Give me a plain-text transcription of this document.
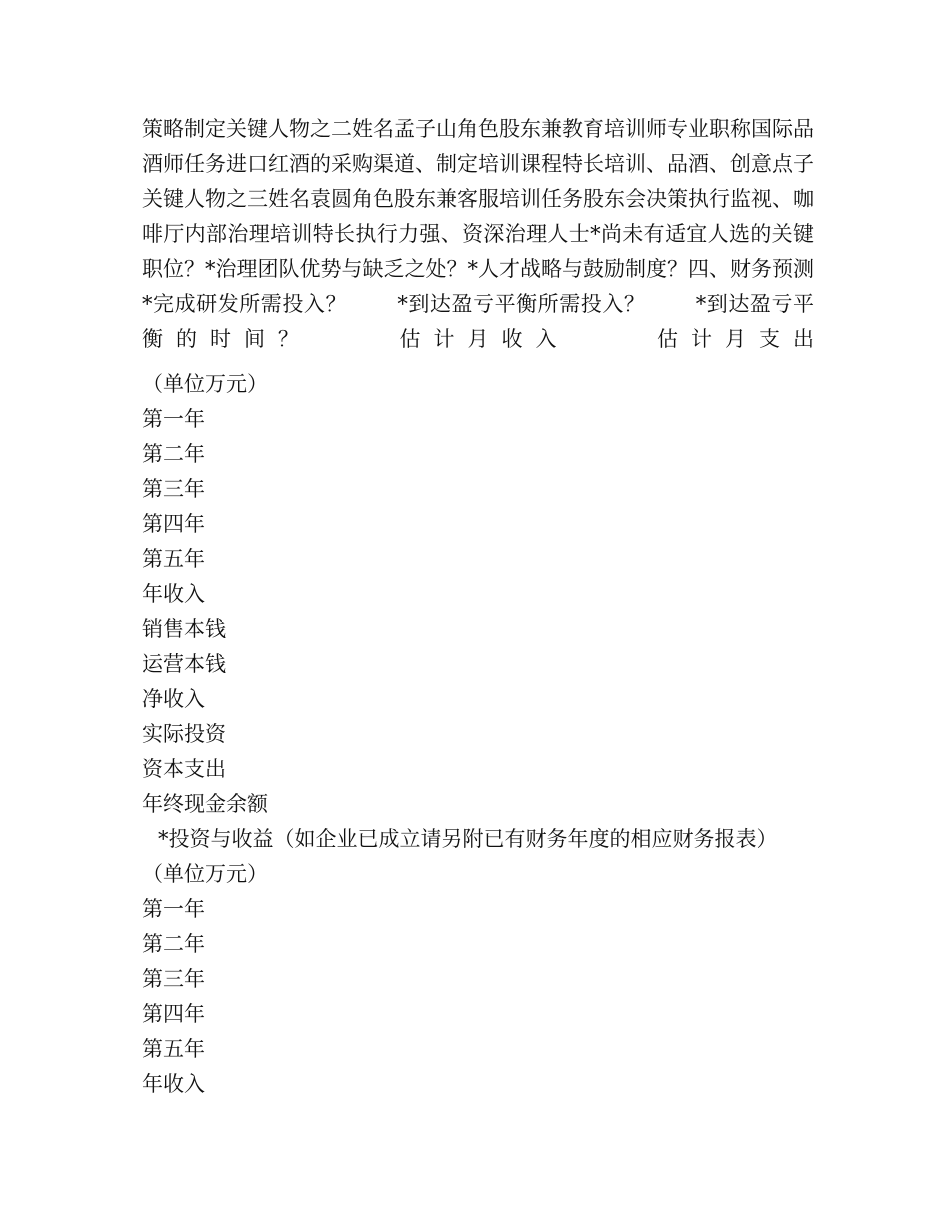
策略制定关键人物之二姓名孟子山角色股东兼教育培训师专业职称国际品酒师任务进口红酒的采购渠道、制定培训课程特长培训、品酒、创意点子关键人物之三姓名袁圆角色股东兼客服培训任务股东会决策执行监视、咖啡厅内部治理培训特长执行力强、资深治理人士*尚未有适宜人选的关键职位？*治理团队优势与缺乏之处？*人才战略与鼓励制度？四、财务预测*完成研发所需投入？　　 *到达盈亏平衡所需投入？　　 *到达盈亏平衡的时间？　　 估计月收入　　 估计月支出

（单位万元）
第一年
第二年
第三年
第四年
第五年
年收入
销售本钱
运营本钱
净收入
实际投资
资本支出
年终现金余额
*投资与收益（如企业已成立请另附已有财务年度的相应财务报表）
（单位万元）
第一年
第二年
第三年
第四年
第五年
年收入
